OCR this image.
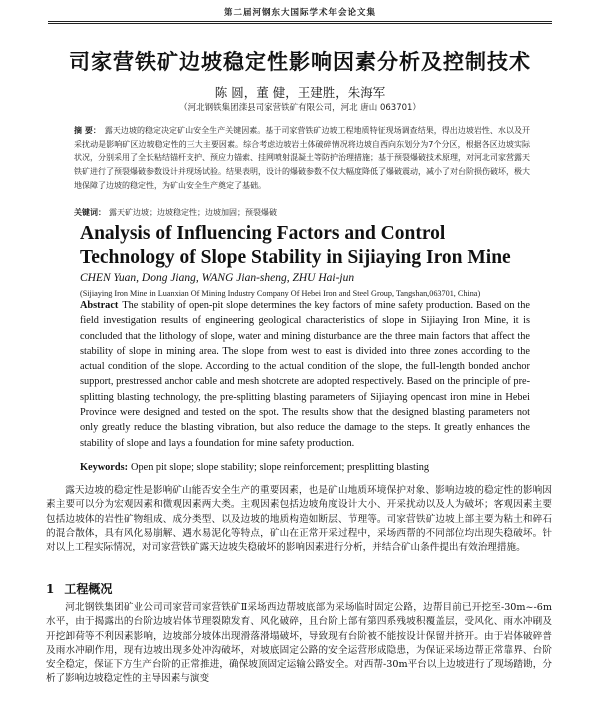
第二届河钢东大国际学术年会论文集
司家营铁矿边坡稳定性影响因素分析及控制技术
陈 圆，董 健，王建胜，朱海军
（河北钢铁集团滦县司家营铁矿有限公司，河北 唐山 063701）
摘 要： 露天边坡的稳定决定矿山安全生产关键因素。基于司家营铁矿边坡工程地质特征现场调查结果，得出边坡岩性、水以及开采扰动是影响矿区边坡稳定性的三大主要因素。综合考虑边坡岩土体破碎情况将边坡自西向东划分为7个分区，根据各区边坡实际状况，分别采用了全长粘结锚杆支护、预应力锚索、挂网喷射混凝土等防护治理措施；基于预裂爆破技术原理，对河北司家营露天铁矿进行了预裂爆破参数设计并现场试验。结果表明，设计的爆破参数不仅大幅度降低了爆破震动，减小了对台阶损伤破坏，极大地保障了边坡的稳定性，为矿山安全生产奠定了基础。
关键词： 露天矿边坡；边坡稳定性；边坡加固；预裂爆破
Analysis of Influencing Factors and Control Technology of Slope Stability in Sijiaying Iron Mine
CHEN Yuan, Dong Jiang, WANG Jian-sheng, ZHU Hai-jun
(Sijiaying Iron Mine in Luanxian Of Mining Industry Company Of Hebei Iron and Steel Group, Tangshan,063701, China)
Abstract The stability of open-pit slope determines the key factors of mine safety production. Based on the field investigation results of engineering geological characteristics of slope in Sijiaying Iron Mine, it is concluded that the lithology of slope, water and mining disturbance are the three main factors that affect the stability of slope in mining area. The slope from west to east is divided into three zones according to the actual condition of the slope. According to the actual condition of the slope, the full-length bonded anchor support, prestressed anchor cable and mesh shotcrete are adopted respectively. Based on the principle of pre-splitting blasting technology, the pre-splitting blasting parameters of Sijiaying opencast iron mine in Hebei Province were designed and tested on the spot. The results show that the designed blasting parameters not only greatly reduce the blasting vibration, but also reduce the damage to the steps. It greatly enhances the stability of slope and lays a foundation for mine safety production.
Keywords: Open pit slope; slope stability; slope reinforcement; presplitting blasting

露天边坡的稳定性是影响矿山能否安全生产的重要因素，也是矿山地质环境保护对象、影响边坡的稳定性的影响因素主要可以分为宏观因素和微观因素两大类。主观因素包括边坡角度设计大小、开采扰动以及人为破坏；客观因素主要包括边坡体的岩性矿物组成、成分类型、以及边坡的地质构造如断层、节理等。司家营铁矿边坡上部主要为粘土和碎石的混合散体，具有风化易崩解、遇水易泥化等特点，矿山在正常开采过程中，采场西帮的不同部位均出现失稳破坏。针对以上工程实际情况，对司家营铁矿露天边坡失稳破坏的影响因素进行分析，并结合矿山条件提出有效治理措施。

1 工程概况

河北钢铁集团矿业公司司家营司家营铁矿Ⅱ采场西边帮坡底部为采场临时固定公路，边帮目前已开挖至-30m~-6m水平，由于揭露出的台阶边坡岩体节理裂隙发育、风化破碎，且台阶上部有第四系残坡积覆盖层，受风化、雨水冲刷及开挖卸荷等不利因素影响，边坡部分坡体出现滑落滑塌破坏，导致现有台阶被不能按设计保留并挤开。由于岩体破碎普及雨水冲刷作用，现有边坡出现多处冲沟破坏，对坡底固定公路的安全运营形成隐患，为保证采场边帮正常靠界、台阶安全稳定，保证下方生产台阶的正常推进，确保坡顶固定运输公路安全。对西帮-30m平台以上边坡进行了现场踏勘，分析了影响边坡稳定性的主导因素与演变
